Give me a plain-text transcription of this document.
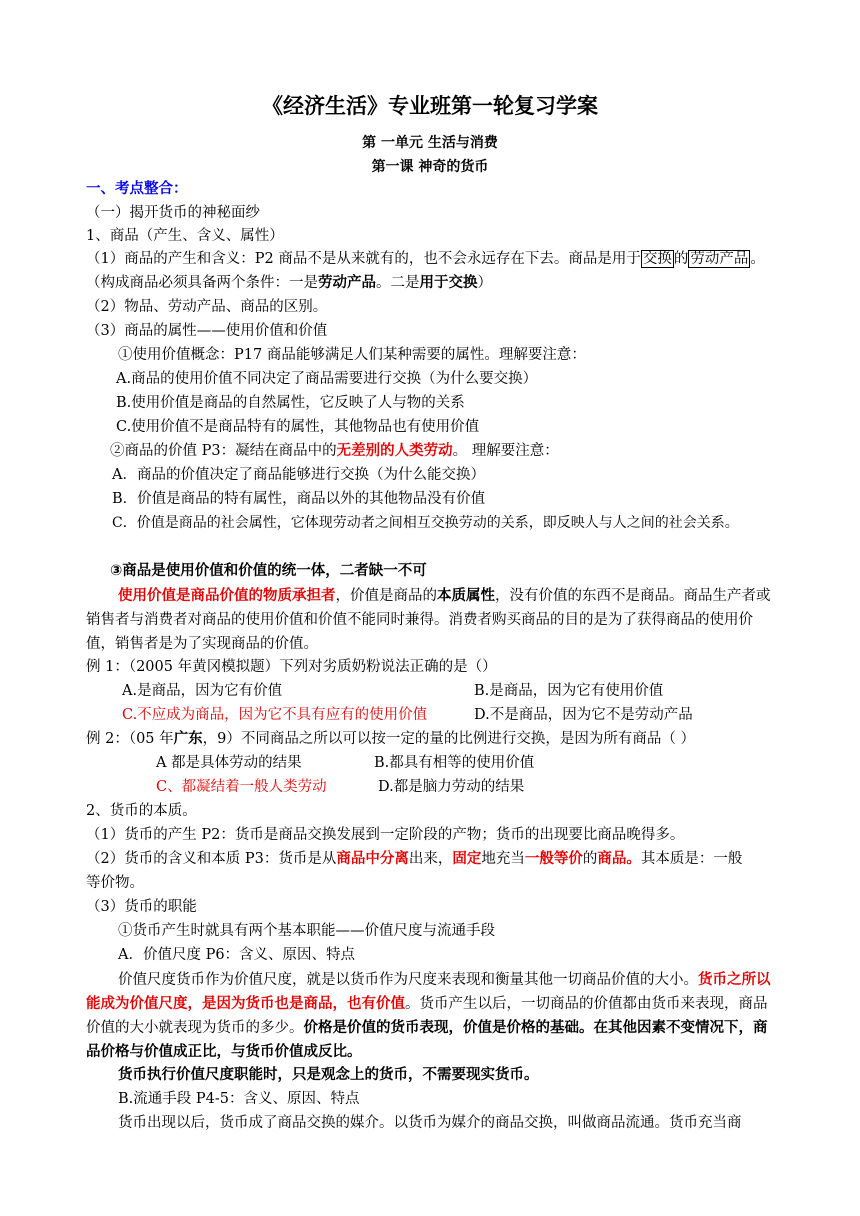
《经济生活》专业班第一轮复习学案
第 一单元 生活与消费
第一课 神奇的货币
一、考点整合：
（一）揭开货币的神秘面纱
1、商品（产生、含义、属性）
（1）商品的产生和含义：P2 商品不是从来就有的，也不会永远存在下去。商品是用于 交换 的 劳动产品 。
（构成商品必须具备两个条件：一是劳动产品。二是用于交换）
（2）物品、劳动产品、商品的区别。
（3）商品的属性——使用价值和价值
①使用价值概念：P17 商品能够满足人们某种需要的属性。理解要注意：
A.商品的使用价值不同决定了商品需要进行交换（为什么要交换）
B.使用价值是商品的自然属性，它反映了人与物的关系
C.使用价值不是商品特有的属性，其他物品也有使用价值
②商品的价值 P3：凝结在商品中的无差别的人类劳动。 理解要注意：
A．商品的价值决定了商品能够进行交换（为什么能交换）
B．价值是商品的特有属性，商品以外的其他物品没有价值
C．价值是商品的社会属性，它体现劳动者之间相互交换劳动的关系，即反映人与人之间的社会关系。
③商品是使用价值和价值的统一体，二者缺一不可
使用价值是商品价值的物质承担者，价值是商品的本质属性，没有价值的东西不是商品。商品生产者或销售者与消费者对商品的使用价值和价值不能同时兼得。消费者购买商品的目的是为了获得商品的使用价值，销售者是为了实现商品的价值。
例 1：（2005 年黄冈模拟题）下列对劣质奶粉说法正确的是（）
A.是商品，因为它有价值	B.是商品，因为它有使用价值
C.不应成为商品，因为它不具有应有的使用价值	D.不是商品，因为它不是劳动产品
例 2：（05 年广东，9）不同商品之所以可以按一定的量的比例进行交换，是因为所有商品（ ）
A 都是具体劳动的结果	B.都具有相等的使用价值
C、都凝结着一般人类劳动	D.都是脑力劳动的结果
2、货币的本质。
（1）货币的产生 P2：货币是商品交换发展到一定阶段的产物；货币的出现要比商品晚得多。
（2）货币的含义和本质 P3：货币是从商品中分离出来，固定地充当一般等价的商品。其本质是：一般
等价物。
（3）货币的职能
①货币产生时就具有两个基本职能——价值尺度与流通手段
A．价值尺度 P6：含义、原因、特点
价值尺度货币作为价值尺度，就是以货币作为尺度来表现和衡量其他一切商品价值的大小。货币之所以能成为价值尺度，是因为货币也是商品，也有价值。货币产生以后，一切商品的价值都由货币来表现，商品价值的大小就表现为货币的多少。价格是价值的货币表现，价值是价格的基础。在其他因素不变情况下，商品价格与价值成正比，与货币价值成反比。
货币执行价值尺度职能时，只是观念上的货币，不需要现实货币。
B.流通手段 P4-5：含义、原因、特点
货币出现以后，货币成了商品交换的媒介。以货币为媒介的商品交换，叫做商品流通。货币充当商
